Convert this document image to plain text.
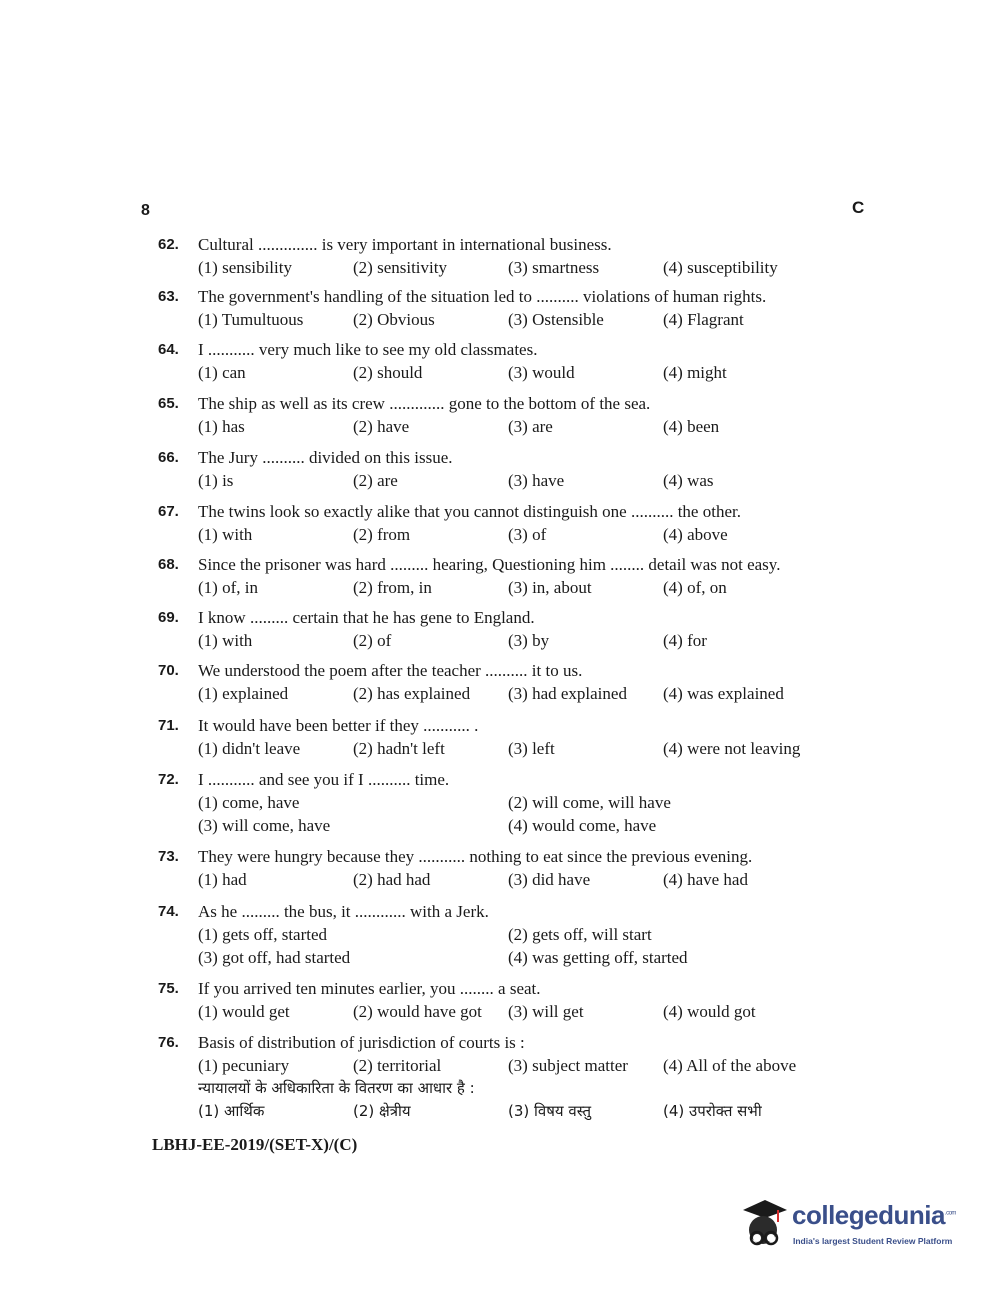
8	C
62. Cultural .............. is very important in international business.
(1) sensibility	(2) sensitivity	(3) smartness	(4) susceptibility
63. The government's handling of the situation led to .......... violations of human rights.
(1) Tumultuous	(2) Obvious	(3) Ostensible	(4) Flagrant
64. I ........... very much like to see my old classmates.
(1) can	(2) should	(3) would	(4) might
65. The ship as well as its crew ............. gone to the bottom of the sea.
(1) has	(2) have	(3) are	(4) been
66. The Jury .......... divided on this issue.
(1) is	(2) are	(3) have	(4) was
67. The twins look so exactly alike that you cannot distinguish one .......... the other.
(1) with	(2) from	(3) of	(4) above
68. Since the prisoner was hard ......... hearing, Questioning him ........ detail was not easy.
(1) of, in	(2) from, in	(3) in, about	(4) of, on
69. I know ......... certain that he has gene to England.
(1) with	(2) of	(3) by	(4) for
70. We understood the poem after the teacher .......... it to us.
(1) explained	(2) has explained (3) had explained (4) was explained
71. It would have been better if they ........... .
(1) didn't leave	(2) hadn't left	(3) left	(4) were not leaving
72. I ........... and see you if I .......... time.
(1) come, have	(2) will come, will have
(3) will come, have	(4) would come, have
73. They were hungry because they ........... nothing to eat since the previous evening.
(1) had	(2) had had	(3) did have	(4) have had
74. As he ......... the bus, it ............ with a Jerk.
(1) gets off, started	(2) gets off, will start
(3) got off, had started	(4) was getting off, started
75. If you arrived ten minutes earlier, you ........ a seat.
(1) would get	(2) would have got (3) will get	(4) would got
76. Basis of distribution of jurisdiction of courts is :
(1) pecuniary	(2) territorial	(3) subject matter (4) All of the above
न्यायालयों के अधिकारिता के वितरण का आधार है :
(1) आर्थिक	(2) क्षेत्रीय	(3) विषय वस्तु	(4) उपरोक्त सभी
LBHJ-EE-2019/(SET-X)/(C)
collegedunia$^{.com}$
India's largest Student Review Platform
